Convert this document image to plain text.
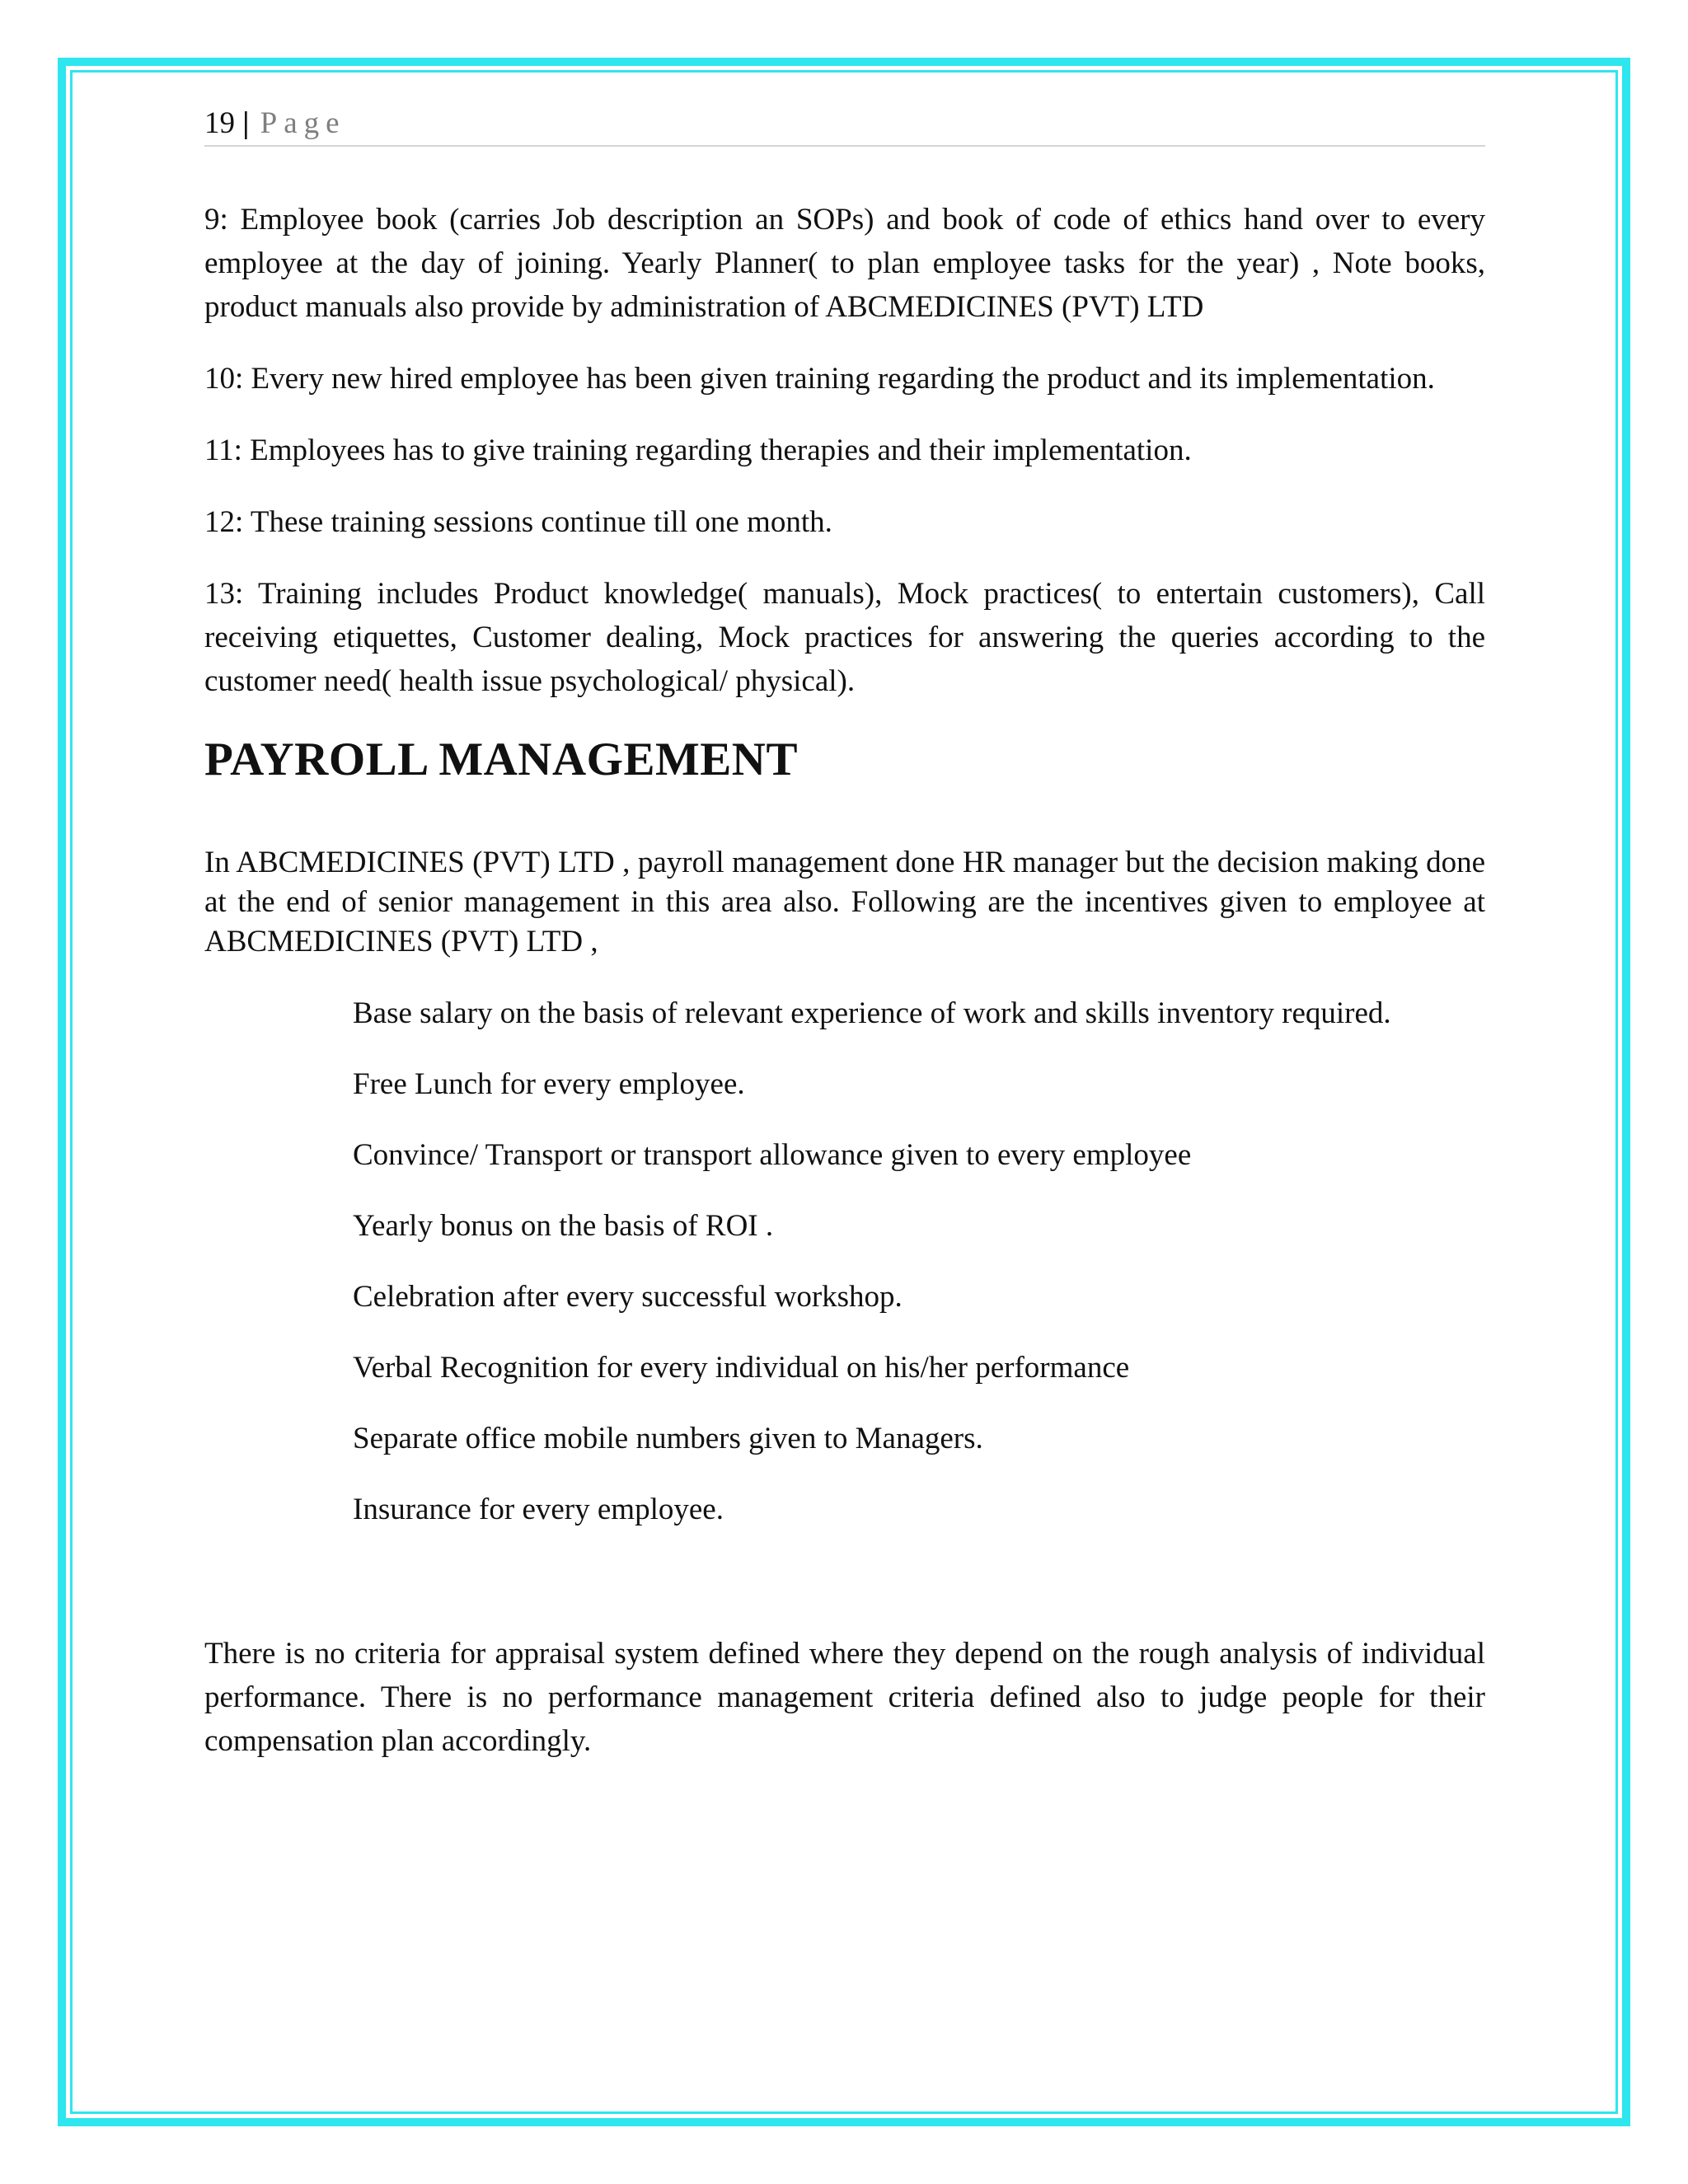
19 | Page

9: Employee book (carries Job description an SOPs) and book of code of ethics hand over to every employee at the day of joining. Yearly Planner( to plan employee tasks for the year) , Note books, product manuals also provide by administration of ABCMEDICINES (PVT) LTD

10: Every new hired employee has been given training regarding the product and its implementation.

11: Employees has to give training regarding therapies and their implementation.

12: These training sessions continue till one month.

13: Training includes Product knowledge( manuals), Mock practices( to entertain customers), Call receiving etiquettes, Customer dealing, Mock practices for answering the queries according to the customer need( health issue psychological/ physical).

PAYROLL MANAGEMENT

In ABCMEDICINES (PVT) LTD , payroll management done HR manager but the decision making done at the end of senior management in this area also. Following are the incentives given to employee at ABCMEDICINES (PVT) LTD ,

Base salary on the basis of relevant experience of work and skills inventory required.
Free Lunch for every employee.
Convince/ Transport or transport allowance given to every employee
Yearly bonus on the basis of ROI .
Celebration after every successful workshop.
Verbal Recognition for every individual on his/her performance
Separate office mobile numbers given to Managers.
Insurance for every employee.

There is no criteria for appraisal system defined where they depend on the rough analysis of individual performance. There is no performance management criteria defined also to judge people for their compensation plan accordingly.
